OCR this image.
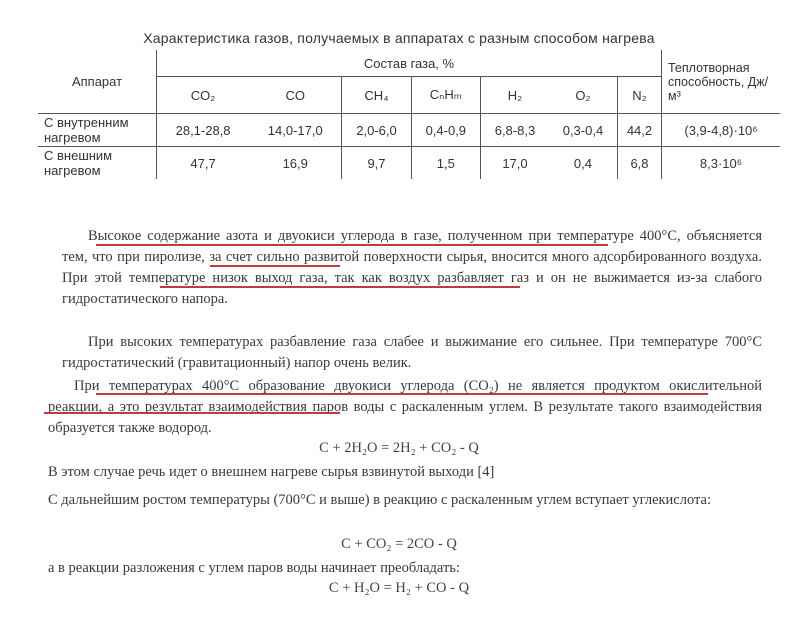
Характеристика газов, получаемых в аппаратах с разным способом нагрева
Аппарат	Состав газа, %							Теплотворная способность, Дж/м³
	CO₂	CO	CH₄	CₙHₘ	H₂	O₂	N₂	
С внутренним нагревом	28,1-28,8	14,0-17,0	2,0-6,0	0,4-0,9	6,8-8,3	0,3-0,4	44,2	(3,9-4,8)·10⁶
С внешним нагревом	47,7	16,9	9,7	1,5	17,0	0,4	6,8	8,3·10⁶

Высокое содержание азота и двуокиси углерода в газе, полученном при температуре 400°С, объясняется тем, что при пиролизе, за счет сильно развитой поверхности сырья, вносится много адсорбированного воздуха. При этой температуре низок выход газа, так как воздух разбавляет газ и он не выжимается из-за слабого гидростатического напора.

При высоких температурах разбавление газа слабее и выжимание его сильнее. При температуре 700°С гидростатический (гравитационный) напор очень велик.

При температурах 400°С образование двуокиси углерода (CO₂) не является продуктом окислительной реакции, а это результат взаимодействия паров воды с раскаленным углем. В результате такого взаимодействия образуется также водород.

C + 2H₂O = 2H₂ + CO₂ - Q

В этом случае речь идет о внешнем нагреве сырья взвинутой выходи [4]

С дальнейшим ростом температуры (700°С и выше) в реакцию с раскаленным углем вступает углекислота:

C + CO₂ = 2CO - Q

а в реакции разложения с углем паров воды начинает преобладать:

C + H₂O = H₂ + CO - Q
